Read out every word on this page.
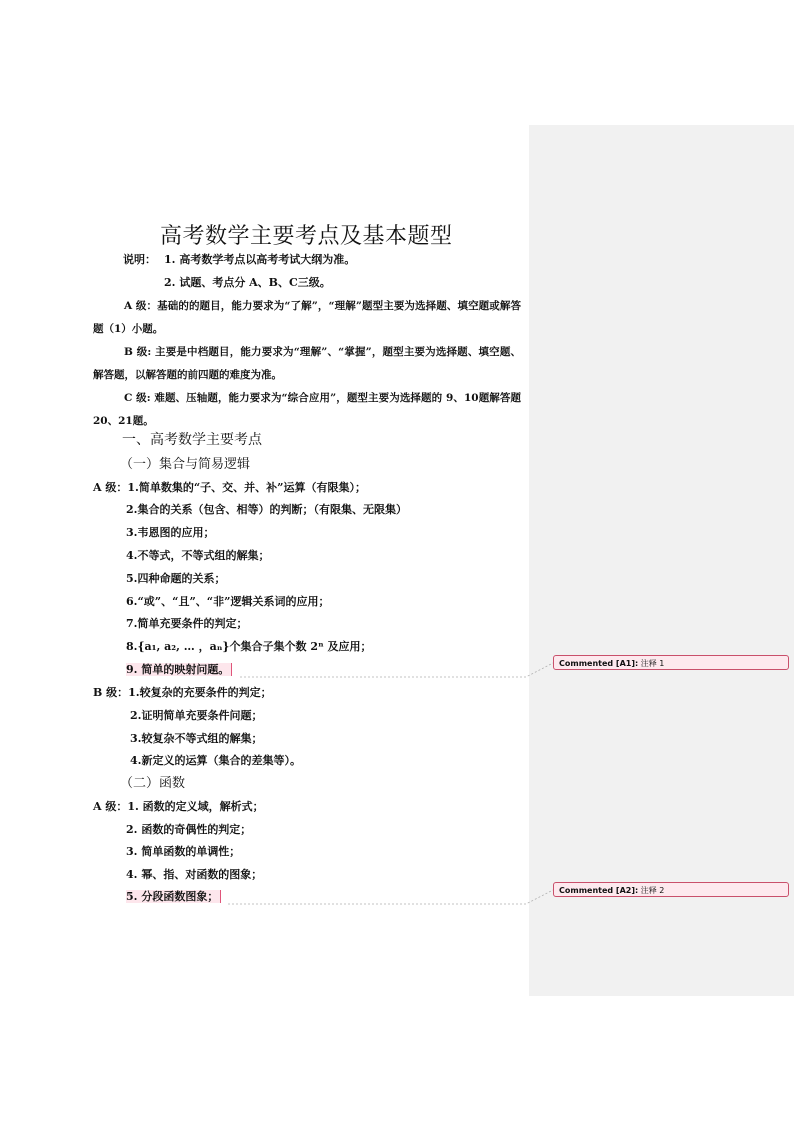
高考数学主要考点及基本题型
说明： 1. 高考数学考点以高考考试大纲为准。
2. 试题、考点分 A、B、C三级。
A 级：基础的的题目，能力要求为“了解”，“理解”题型主要为选择题、填空题或解答题（1）小题。
B 级: 主要是中档题目，能力要求为“理解”、“掌握”，题型主要为选择题、填空题、解答题，以解答题的前四题的难度为准。
C 级: 难题、压轴题，能力要求为“综合应用”，题型主要为选择题的 9、10题解答题 20、21题。
一、高考数学主要考点
（一）集合与简易逻辑
A 级：1.简单数集的“子、交、并、补”运算（有限集）；
2.集合的关系（包含、相等）的判断；（有限集、无限集）
3.韦恩图的应用；
4.不等式，不等式组的解集；
5.四种命题的关系；
6.“或”、“且”、“非”逻辑关系词的应用；
7.简单充要条件的判定；
8.{a₁, a₂, … ，aₙ}个集合子集个数 2ⁿ 及应用；
9. 简单的映射问题。
B 级：1.较复杂的充要条件的判定；
2.证明简单充要条件问题；
3.较复杂不等式组的解集；
4.新定义的运算（集合的差集等）。
（二）函数
A 级：1. 函数的定义域，解析式；
2. 函数的奇偶性的判定；
3. 简单函数的单调性；
4. 幂、指、对函数的图象；
5. 分段函数图象；
Commented [A1]: 注释 1
Commented [A2]: 注释 2
